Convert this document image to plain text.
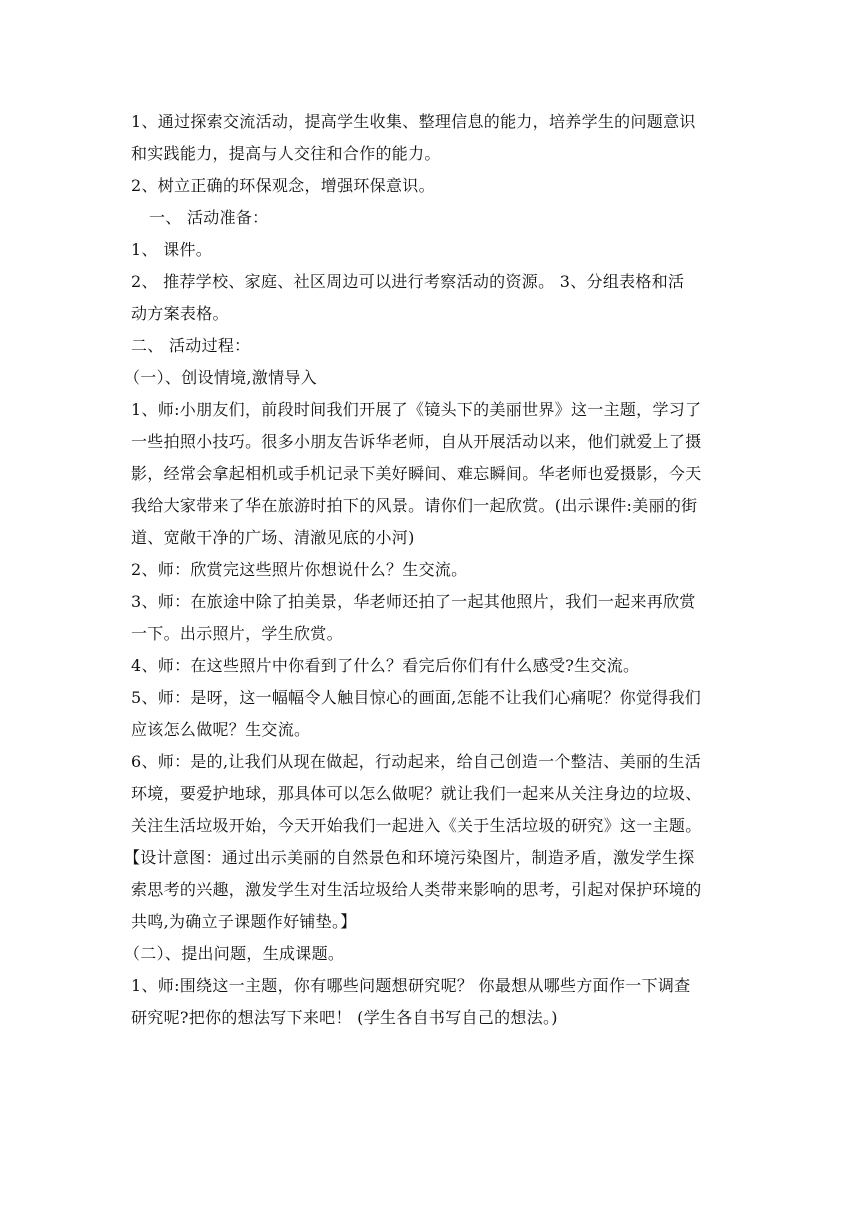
1、通过探索交流活动，提高学生收集、整理信息的能力，培养学生的问题意识
和实践能力，提高与人交往和合作的能力。
2、树立正确的环保观念，增强环保意识。
一、 活动准备：
1、 课件。
2、 推荐学校、家庭、社区周边可以进行考察活动的资源。 3、分组表格和活
动方案表格。
二、 活动过程：
（一）、创设情境,激情导入
1、师:小朋友们，前段时间我们开展了《镜头下的美丽世界》这一主题，学习了
一些拍照小技巧。很多小朋友告诉华老师，自从开展活动以来，他们就爱上了摄
影，经常会拿起相机或手机记录下美好瞬间、难忘瞬间。华老师也爱摄影，今天
我给大家带来了华在旅游时拍下的风景。请你们一起欣赏。(出示课件:美丽的街
道、宽敞干净的广场、清澈见底的小河)
2、师：欣赏完这些照片你想说什么？生交流。
3、师：在旅途中除了拍美景，华老师还拍了一起其他照片，我们一起来再欣赏
一下。出示照片，学生欣赏。
4、师：在这些照片中你看到了什么？看完后你们有什么感受?生交流。
5、师：是呀，这一幅幅令人触目惊心的画面,怎能不让我们心痛呢？你觉得我们
应该怎么做呢？生交流。
6、师：是的,让我们从现在做起，行动起来，给自己创造一个整洁、美丽的生活
环境，要爱护地球，那具体可以怎么做呢？就让我们一起来从关注身边的垃圾、
关注生活垃圾开始，今天开始我们一起进入《关于生活垃圾的研究》这一主题。
【设计意图：通过出示美丽的自然景色和环境污染图片，制造矛盾，激发学生探
索思考的兴趣，激发学生对生活垃圾给人类带来影响的思考，引起对保护环境的
共鸣,为确立子课题作好铺垫。】
（二）、提出问题，生成课题。
1、师:围绕这一主题，你有哪些问题想研究呢？ 你最想从哪些方面作一下调查
研究呢?把你的想法写下来吧！ (学生各自书写自己的想法。)
